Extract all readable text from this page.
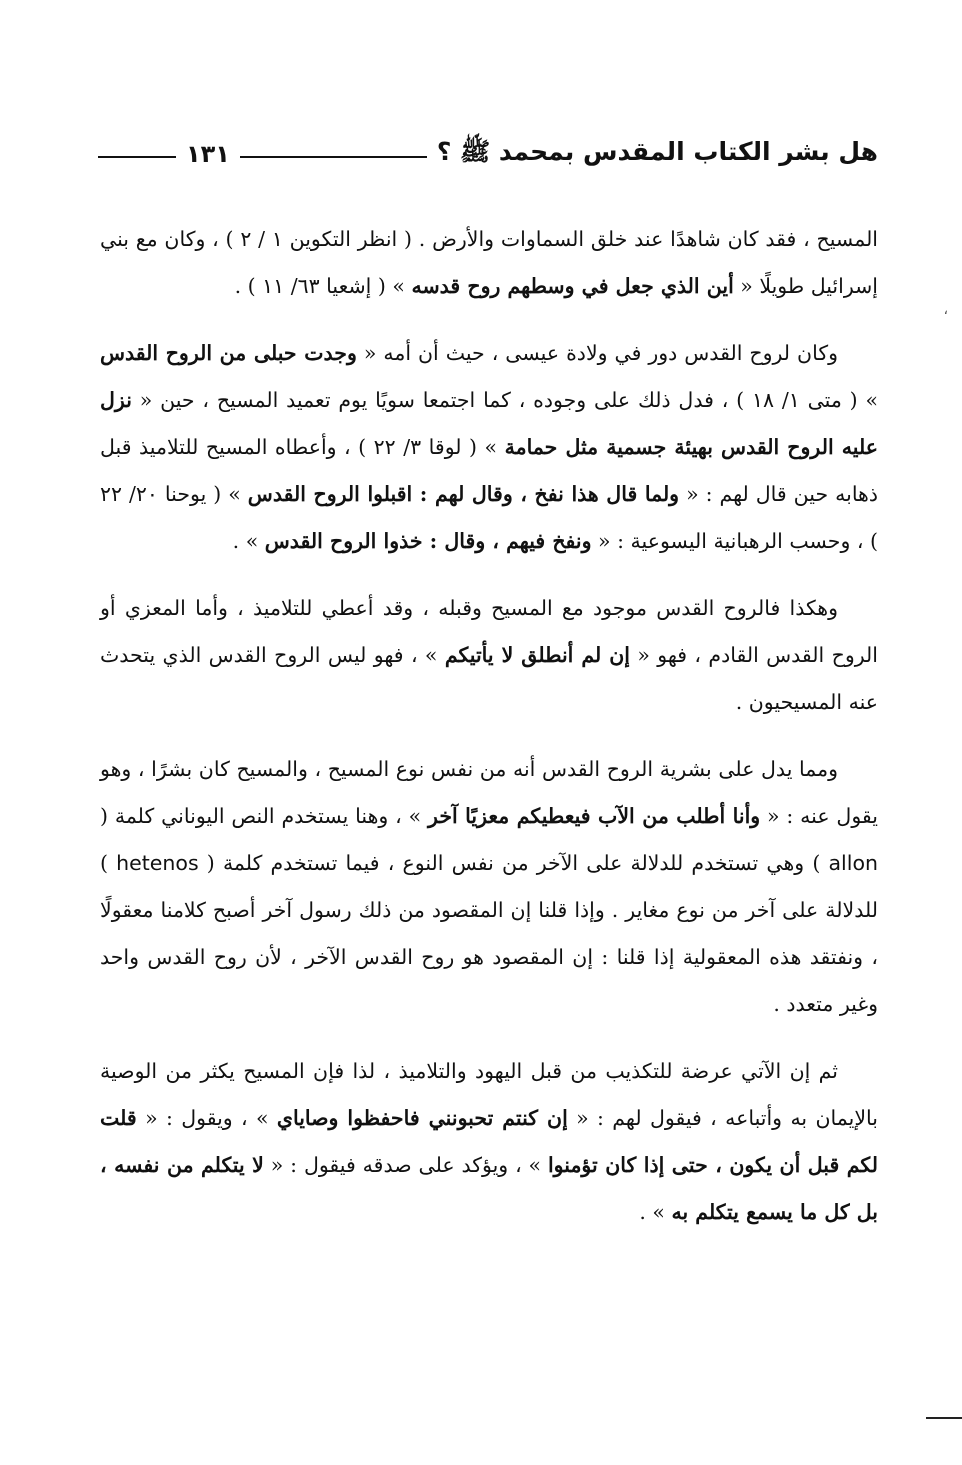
هل بشر الكتاب المقدس بمحمد ﷺ ؟
١٣١

المسيح ، فقد كان شاهدًا عند خلق السماوات والأرض . ( انظر التكوين ١ / ٢ ) ، وكان مع بني إسرائيل طويلًا « أين الذي جعل في وسطهم روح قدسه » ( إشعيا ٦٣/ ١١ ) .

وكان لروح القدس دور في ولادة عيسى ، حيث أن أمه « وجدت حبلى من الروح القدس » ( متى ١/ ١٨ ) ، فدل ذلك على وجوده ، كما اجتمعا سويًا يوم تعميد المسيح ، حين « نزل عليه الروح القدس بهيئة جسمية مثل حمامة » ( لوقا ٣/ ٢٢ ) ، وأعطاه المسيح للتلاميذ قبل ذهابه حين قال لهم : « ولما قال هذا نفخ ، وقال لهم : اقبلوا الروح القدس » ( يوحنا ٢٠/ ٢٢ ) ، وحسب الرهبانية اليسوعية : « ونفخ فيهم ، وقال : خذوا الروح القدس » .

وهكذا فالروح القدس موجود مع المسيح وقبله ، وقد أعطي للتلاميذ ، وأما المعزي أو الروح القدس القادم ، فهو « إن لم أنطلق لا يأتيكم » ، فهو ليس الروح القدس الذي يتحدث عنه المسيحيون .

ومما يدل على بشرية الروح القدس أنه من نفس نوع المسيح ، والمسيح كان بشرًا ، وهو يقول عنه : « وأنا أطلب من الآب فيعطيكم معزيًا آخر » ، وهنا يستخدم النص اليوناني كلمة ( allon ) وهي تستخدم للدلالة على الآخر من نفس النوع ، فيما تستخدم كلمة ( hetenos ) للدلالة على آخر من نوع مغاير . وإذا قلنا إن المقصود من ذلك رسول آخر أصبح كلامنا معقولًا ، ونفتقد هذه المعقولية إذا قلنا : إن المقصود هو روح القدس الآخر ، لأن روح القدس واحد وغير متعدد .

ثم إن الآتي عرضة للتكذيب من قبل اليهود والتلاميذ ، لذا فإن المسيح يكثر من الوصية بالإيمان به وأتباعه ، فيقول لهم : « إن كنتم تحبونني فاحفظوا وصاياي » ، ويقول : « قلت لكم قبل أن يكون ، حتى إذا كان تؤمنوا » ، ويؤكد على صدقه فيقول : « لا يتكلم من نفسه ، بل كل ما يسمع يتكلم به » .

،
